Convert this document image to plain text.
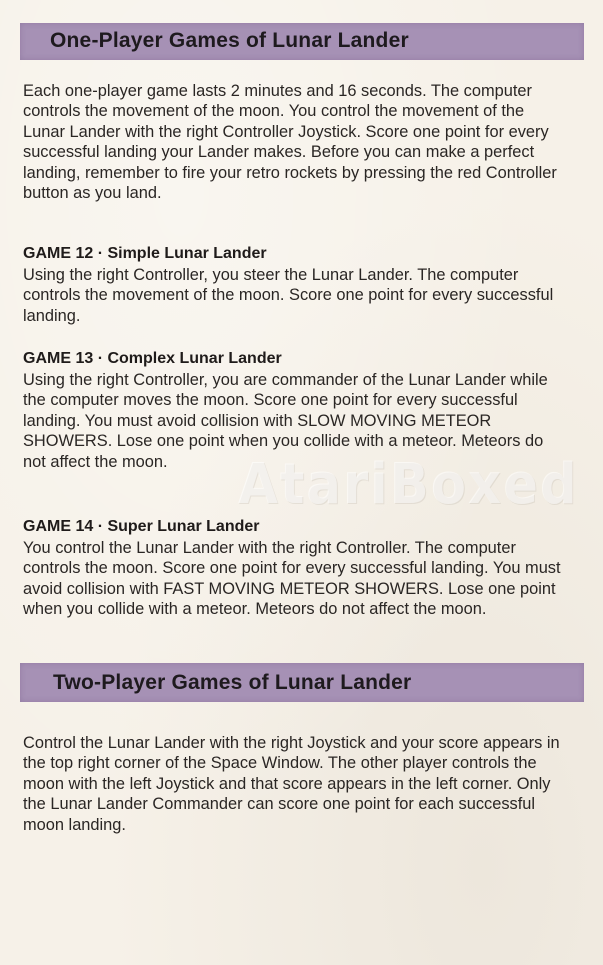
One-Player Games of Lunar Lander

Each one-player game lasts 2 minutes and 16 seconds. The computer controls the movement of the moon. You control the movement of the Lunar Lander with the right Controller Joystick. Score one point for every successful landing your Lander makes. Before you can make a perfect landing, remember to fire your retro rockets by pressing the red Controller button as you land.

GAME 12 · Simple Lunar Lander

Using the right Controller, you steer the Lunar Lander. The computer controls the movement of the moon. Score one point for every successful landing.

GAME 13 · Complex Lunar Lander

Using the right Controller, you are commander of the Lunar Lander while the computer moves the moon. Score one point for every successful landing. You must avoid collision with SLOW MOVING METEOR SHOWERS. Lose one point when you collide with a meteor. Meteors do not affect the moon.	AtariBoxed
GAME 14 · Super Lunar Lander

You control the Lunar Lander with the right Controller. The computer controls the moon. Score one point for every successful landing. You must avoid collision with FAST MOVING METEOR SHOWERS. Lose one point when you collide with a meteor. Meteors do not affect the moon.

Two-Player Games of Lunar Lander

Control the Lunar Lander with the right Joystick and your score appears in the top right corner of the Space Window. The other player controls the moon with the left Joystick and that score appears in the left corner. Only the Lunar Lander Commander can score one point for each successful moon landing.
